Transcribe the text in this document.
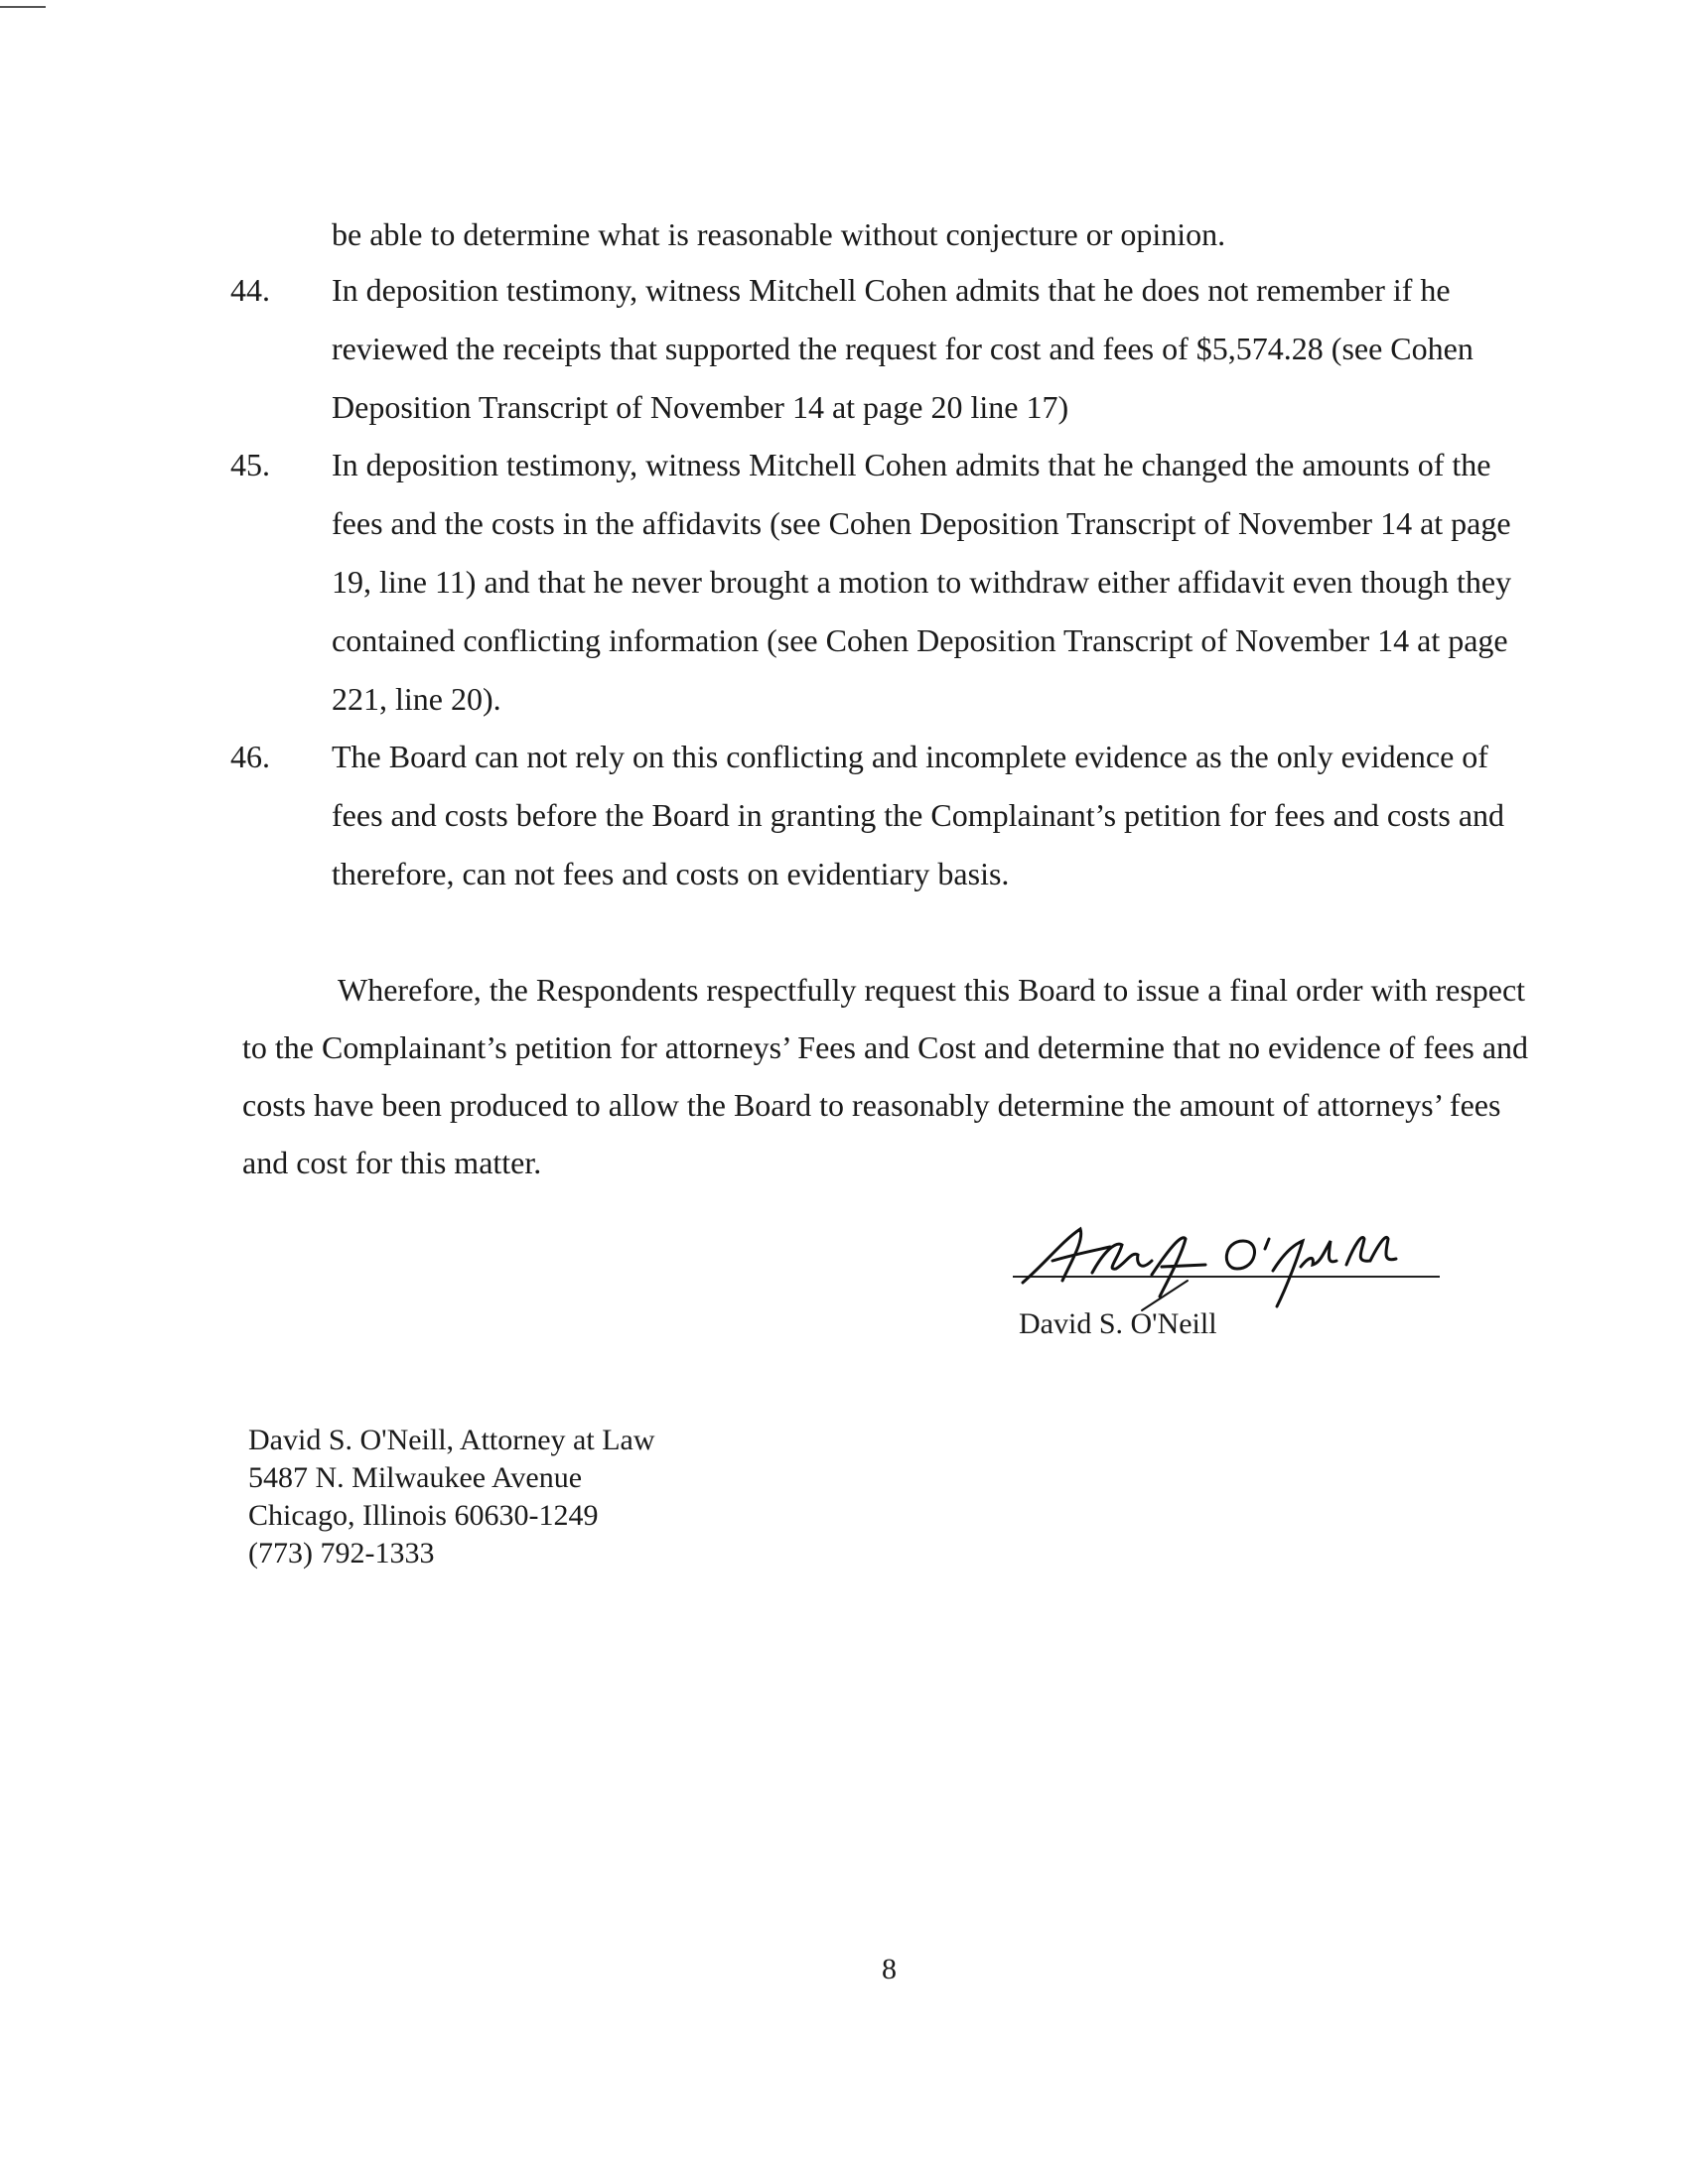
be able to determine what is reasonable without conjecture or opinion.
44. In deposition testimony, witness Mitchell Cohen admits that he does not remember if he reviewed the receipts that supported the request for cost and fees of $5,574.28 (see Cohen Deposition Transcript of November 14 at page 20 line 17)
45. In deposition testimony, witness Mitchell Cohen admits that he changed the amounts of the fees and the costs in the affidavits (see Cohen Deposition Transcript of November 14 at page 19, line 11) and that he never brought a motion to withdraw either affidavit even though they contained conflicting information (see Cohen Deposition Transcript of November 14 at page 221, line 20).
46. The Board can not rely on this conflicting and incomplete evidence as the only evidence of fees and costs before the Board in granting the Complainant’s petition for fees and costs and therefore, can not fees and costs on evidentiary basis.
Wherefore, the Respondents respectfully request this Board to issue a final order with respect to the Complainant’s petition for attorneys’ Fees and Cost and determine that no evidence of fees and costs have been produced to allow the Board to reasonably determine the amount of attorneys’ fees and cost for this matter.
David S. O'Neill
David S. O'Neill, Attorney at Law
5487 N. Milwaukee Avenue
Chicago, Illinois 60630-1249
(773) 792-1333
8
